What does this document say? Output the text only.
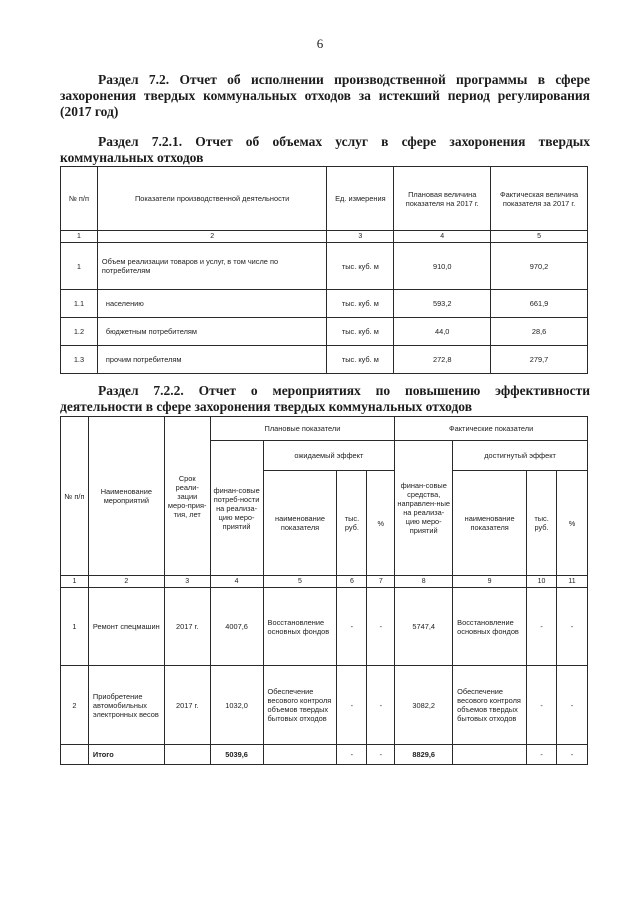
6
Раздел 7.2. Отчет об исполнении производственной программы в сфере захоронения твердых коммунальных отходов за истекший период регулирования (2017 год)
Раздел 7.2.1. Отчет об объемах услуг в сфере захоронения твердых коммунальных отходов
№ п/п	Показатели производственной деятельности	Ед. измерения	Плановая величина показателя на 2017 г.	Фактическая величина показателя за 2017 г.
1	2	3	4	5
1	Объем реализации товаров и услуг, в том числе по потребителям	тыс. куб. м	910,0	970,2
1.1	населению	тыс. куб. м	593,2	661,9
1.2	бюджетным потребителям	тыс. куб. м	44,0	28,6
1.3	прочим потребителям	тыс. куб. м	272,8	279,7
Раздел 7.2.2. Отчет о мероприятиях по повышению эффективности деятельности в сфере захоронения твердых коммунальных отходов
№ п/п	Наименование мероприятий	Срок реали-зации меро-прия-тия, лет	Плановые показатели				Фактические показатели			
			финан-совые потреб-ности на реализа-цию меро-приятий	ожидаемый эффект			финан-совые средства, направлен-ные на реализа-цию меро-приятий	достигнутый эффект		
				наименование показателя	тыс. руб.	%		наименование показателя	тыс. руб.	%
1	2	3	4	5	6	7	8	9	10	11
1	Ремонт спецмашин	2017 г.	4007,6	Восстановление основных фондов	-	-	5747,4	Восстановление основных фондов	-	-
2	Приобретение автомобильных электронных весов	2017 г.	1032,0	Обеспечение весового контроля объемов твердых бытовых отходов	-	-	3082,2	Обеспечение весового контроля объемов твердых бытовых отходов	-	-
	Итого		5039,6		-	-	8829,6		-	-
